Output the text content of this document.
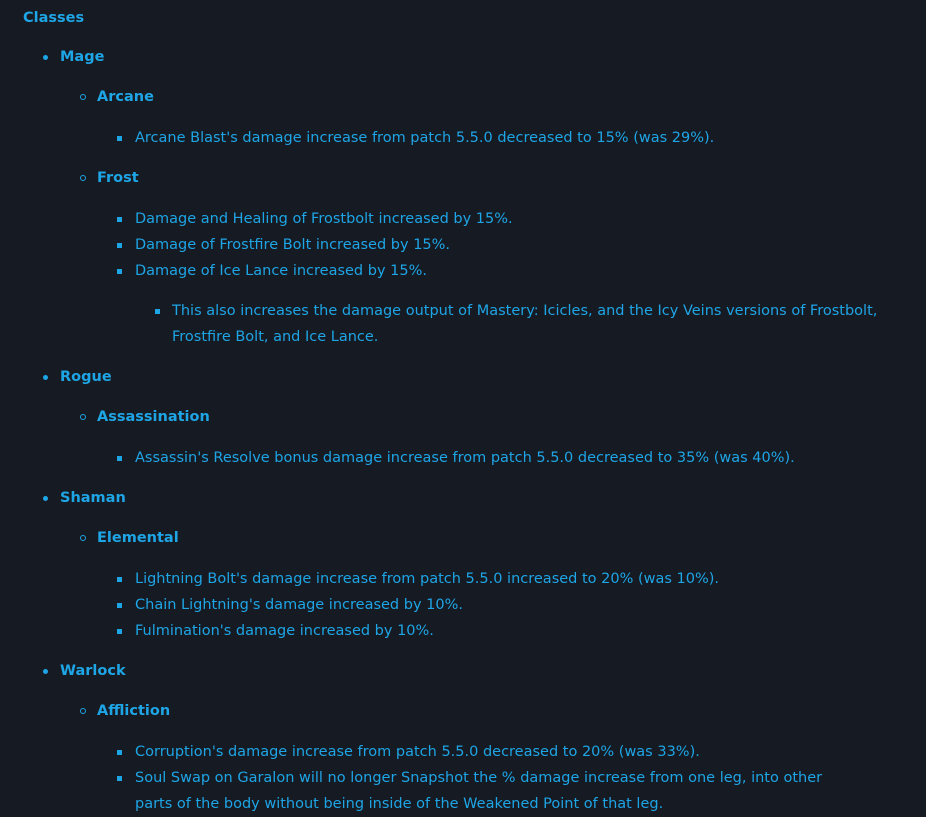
Classes
Mage
Arcane
Arcane Blast's damage increase from patch 5.5.0 decreased to 15% (was 29%).
Frost
Damage and Healing of Frostbolt increased by 15%.
Damage of Frostfire Bolt increased by 15%.
Damage of Ice Lance increased by 15%.
This also increases the damage output of Mastery: Icicles, and the Icy Veins versions of Frostbolt, Frostfire Bolt, and Ice Lance.
Rogue
Assassination
Assassin's Resolve bonus damage increase from patch 5.5.0 decreased to 35% (was 40%).
Shaman
Elemental
Lightning Bolt's damage increase from patch 5.5.0 increased to 20% (was 10%).
Chain Lightning's damage increased by 10%.
Fulmination's damage increased by 10%.
Warlock
Affliction
Corruption's damage increase from patch 5.5.0 decreased to 20% (was 33%).
Soul Swap on Garalon will no longer Snapshot the % damage increase from one leg, into other parts of the body without being inside of the Weakened Point of that leg.
